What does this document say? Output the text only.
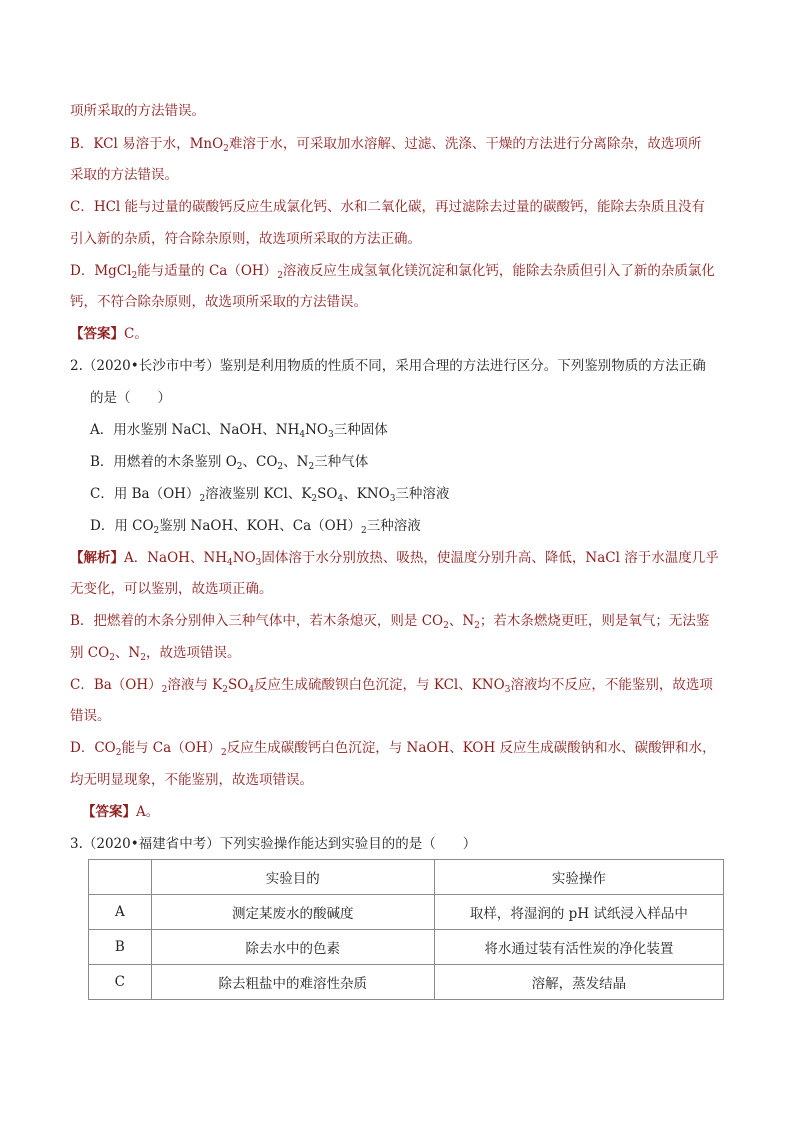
项所采取的方法错误。
B．KCl 易溶于水，MnO$_2$难溶于水，可采取加水溶解、过滤、洗涤、干燥的方法进行分离除杂，故选项所
采取的方法错误。
C．HCl 能与过量的碳酸钙反应生成氯化钙、水和二氧化碳，再过滤除去过量的碳酸钙，能除去杂质且没有
引入新的杂质，符合除杂原则，故选项所采取的方法正确。
D．MgCl$_2$能与适量的 $Ca(OH)_2$溶液反应生成氢氧化镁沉淀和氯化钙，能除去杂质但引入了新的杂质氯化
钙，不符合除杂原则，故选项所采取的方法错误。
【答案】C。
2.（2020•长沙市中考）鉴别是利用物质的性质不同，采用合理的方法进行区分。下列鉴别物质的方法正确
的是（　　）
A．用水鉴别 NaCl、NaOH、$NH_4NO_3$三种固体
B．用燃着的木条鉴别 $O_2$、$CO_2$、$N_2$三种气体
C．用 $Ba(OH)_2$溶液鉴别 KCl、$K_2SO_4$、$KNO_3$三种溶液
D．用 $CO_2$鉴别 NaOH、KOH、$Ca(OH)_2$三种溶液
【解析】A．NaOH、$NH_4NO_3$固体溶于水分别放热、吸热，使温度分别升高、降低，NaCl 溶于水温度几乎
无变化，可以鉴别，故选项正确。
B．把燃着的木条分别伸入三种气体中，若木条熄灭，则是 $CO_2$、$N_2$；若木条燃烧更旺，则是氧气；无法鉴
别 $CO_2$、$N_2$，故选项错误。
C．$Ba(OH)_2$溶液与 $K_2SO_4$反应生成硫酸钡白色沉淀，与 KCl、$KNO_3$溶液均不反应，不能鉴别，故选项
错误。
D．$CO_2$能与 $Ca(OH)_2$反应生成碳酸钙白色沉淀，与 NaOH、KOH 反应生成碳酸钠和水、碳酸钾和水，
均无明显现象，不能鉴别，故选项错误。
【答案】A。
3.（2020•福建省中考）下列实验操作能达到实验目的的是（　　）
	实验目的	实验操作
A	测定某废水的酸碱度	取样，将湿润的 pH 试纸浸入样品中
B	除去水中的色素	将水通过装有活性炭的净化装置
C	除去粗盐中的难溶性杂质	溶解，蒸发结晶
